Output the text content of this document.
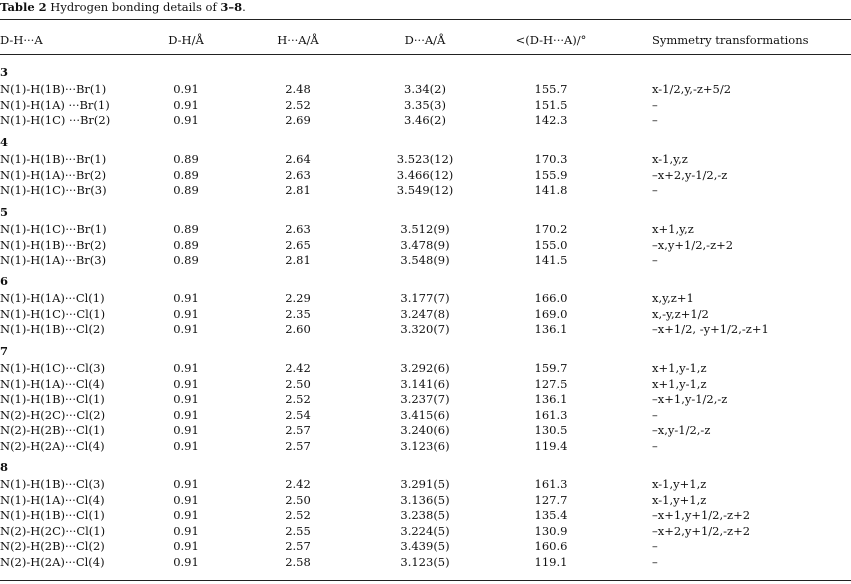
Table 2 Hydrogen bonding details of 3–8.
D-H···A	D-H/Å	H···A/Å	D···A/Å	<(D-H···A)/°	Symmetry transformations
3
N(1)-H(1B)···Br(1)	0.91	2.48	3.34(2)	155.7	x-1/2,y,-z+5/2
N(1)-H(1A) ···Br(1)	0.91	2.52	3.35(3)	151.5	–
N(1)-H(1C) ···Br(2)	0.91	2.69	3.46(2)	142.3	–
4
N(1)-H(1B)···Br(1)	0.89	2.64	3.523(12)	170.3	x-1,y,z
N(1)-H(1A)···Br(2)	0.89	2.63	3.466(12)	155.9	–x+2,y-1/2,-z
N(1)-H(1C)···Br(3)	0.89	2.81	3.549(12)	141.8	–
5
N(1)-H(1C)···Br(1)	0.89	2.63	3.512(9)	170.2	x+1,y,z
N(1)-H(1B)···Br(2)	0.89	2.65	3.478(9)	155.0	–x,y+1/2,-z+2
N(1)-H(1A)···Br(3)	0.89	2.81	3.548(9)	141.5	–
6
N(1)-H(1A)···Cl(1)	0.91	2.29	3.177(7)	166.0	x,y,z+1
N(1)-H(1C)···Cl(1)	0.91	2.35	3.247(8)	169.0	x,-y,z+1/2
N(1)-H(1B)···Cl(2)	0.91	2.60	3.320(7)	136.1	–x+1/2, -y+1/2,-z+1
7
N(1)-H(1C)···Cl(3)	0.91	2.42	3.292(6)	159.7	x+1,y-1,z
N(1)-H(1A)···Cl(4)	0.91	2.50	3.141(6)	127.5	x+1,y-1,z
N(1)-H(1B)···Cl(1)	0.91	2.52	3.237(7)	136.1	–x+1,y-1/2,-z
N(2)-H(2C)···Cl(2)	0.91	2.54	3.415(6)	161.3	–
N(2)-H(2B)···Cl(1)	0.91	2.57	3.240(6)	130.5	–x,y-1/2,-z
N(2)-H(2A)···Cl(4)	0.91	2.57	3.123(6)	119.4	–
8
N(1)-H(1B)···Cl(3)	0.91	2.42	3.291(5)	161.3	x-1,y+1,z
N(1)-H(1A)···Cl(4)	0.91	2.50	3.136(5)	127.7	x-1,y+1,z
N(1)-H(1B)···Cl(1)	0.91	2.52	3.238(5)	135.4	–x+1,y+1/2,-z+2
N(2)-H(2C)···Cl(1)	0.91	2.55	3.224(5)	130.9	–x+2,y+1/2,-z+2
N(2)-H(2B)···Cl(2)	0.91	2.57	3.439(5)	160.6	–
N(2)-H(2A)···Cl(4)	0.91	2.58	3.123(5)	119.1	–
